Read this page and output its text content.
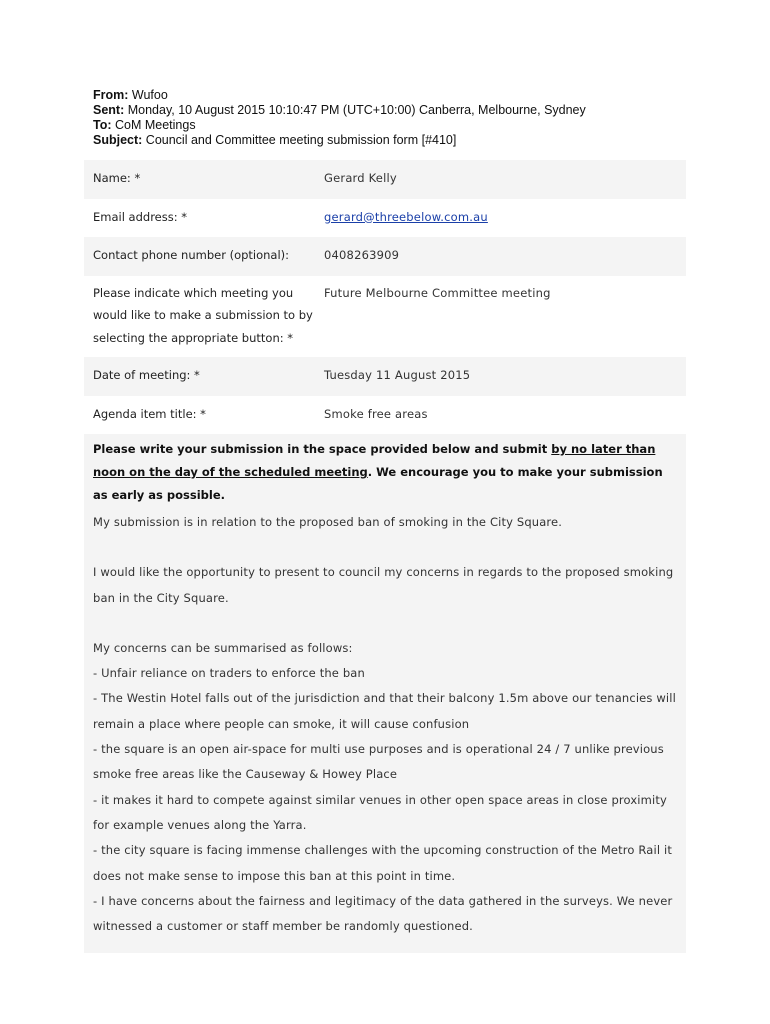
From: Wufoo
Sent: Monday, 10 August 2015 10:10:47 PM (UTC+10:00) Canberra, Melbourne, Sydney
To: CoM Meetings
Subject: Council and Committee meeting submission form [#410]
Name: *	Gerard Kelly
Email address: *	gerard@threebelow.com.au
Contact phone number (optional):	0408263909
Please indicate which meeting you would like to make a submission to by selecting the appropriate button: *
Future Melbourne Committee meeting
Date of meeting: *	Tuesday 11 August 2015
Agenda item title: *	Smoke free areas
Please write your submission in the space provided below and submit by no later than noon on the day of the scheduled meeting. We encourage you to make your submission as early as possible.
My submission is in relation to the proposed ban of smoking in the City Square.
I would like the opportunity to present to council my concerns in regards to the proposed smoking ban in the City Square.
My concerns can be summarised as follows:
- Unfair reliance on traders to enforce the ban
- The Westin Hotel falls out of the jurisdiction and that their balcony 1.5m above our tenancies will remain a place where people can smoke, it will cause confusion
- the square is an open air-space for multi use purposes and is operational 24 / 7 unlike previous smoke free areas like the Causeway & Howey Place
- it makes it hard to compete against similar venues in other open space areas in close proximity for example venues along the Yarra.
- the city square is facing immense challenges with the upcoming construction of the Metro Rail it does not make sense to impose this ban at this point in time.
- I have concerns about the fairness and legitimacy of the data gathered in the surveys. We never witnessed a customer or staff member be randomly questioned.
